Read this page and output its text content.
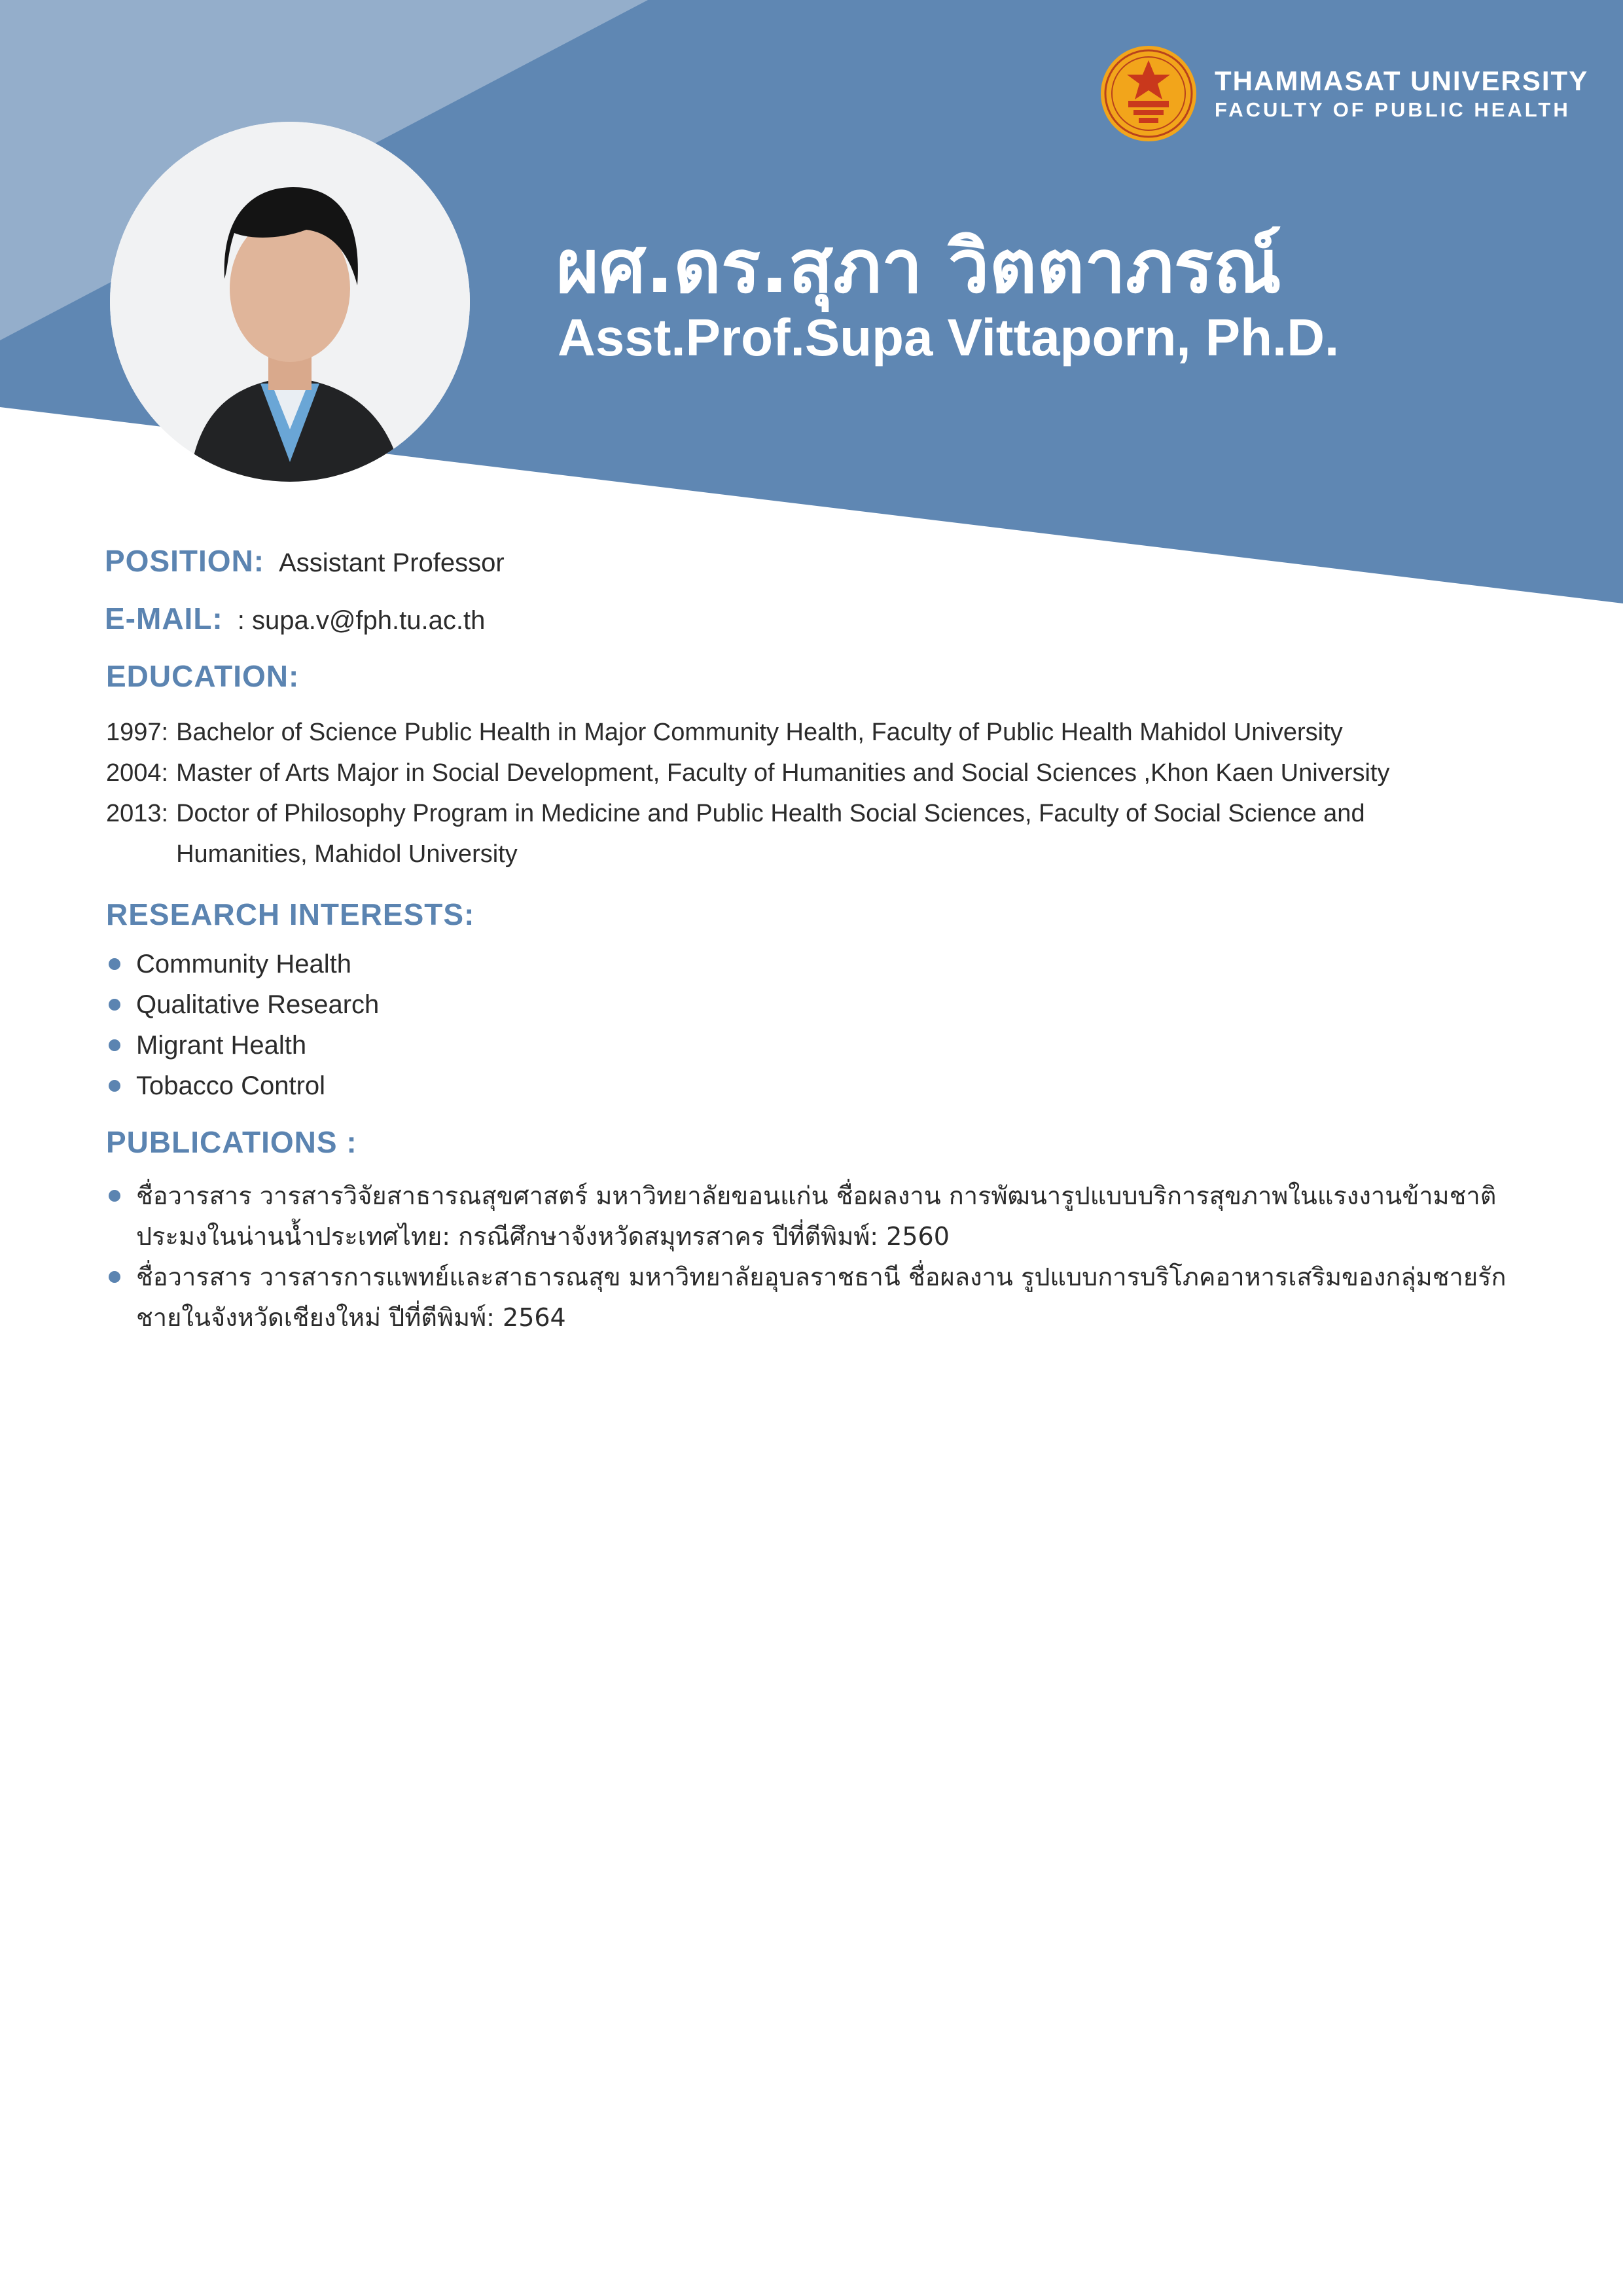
THAMMASAT UNIVERSITY
FACULTY OF PUBLIC HEALTH
ผศ.ดร.สุภา วิตตาภรณ์
Asst.Prof.Supa Vittaporn, Ph.D.
POSITION: Assistant Professor
E-MAIL: : supa.v@fph.tu.ac.th
EDUCATION:
1997: Bachelor of Science Public Health in Major Community Health, Faculty of Public Health Mahidol University
2004: Master of Arts Major in Social Development, Faculty of Humanities and Social Sciences ,Khon Kaen University
2013: Doctor of Philosophy Program in Medicine and Public Health Social Sciences, Faculty of Social Science and Humanities, Mahidol University
RESEARCH INTERESTS:
Community Health
Qualitative Research
Migrant Health
Tobacco Control
PUBLICATIONS :
ชื่อวารสาร วารสารวิจัยสาธารณสุขศาสตร์ มหาวิทยาลัยขอนแก่น ชื่อผลงาน การพัฒนารูปแบบบริการสุขภาพในแรงงานข้ามชาติประมงในน่านน้ำประเทศไทย: กรณีศึกษาจังหวัดสมุทรสาคร ปีที่ตีพิมพ์: 2560
ชื่อวารสาร วารสารการแพทย์และสาธารณสุข มหาวิทยาลัยอุบลราชธานี ชื่อผลงาน รูปแบบการบริโภคอาหารเสริมของกลุ่มชายรักชายในจังหวัดเชียงใหม่ ปีที่ตีพิมพ์: 2564
